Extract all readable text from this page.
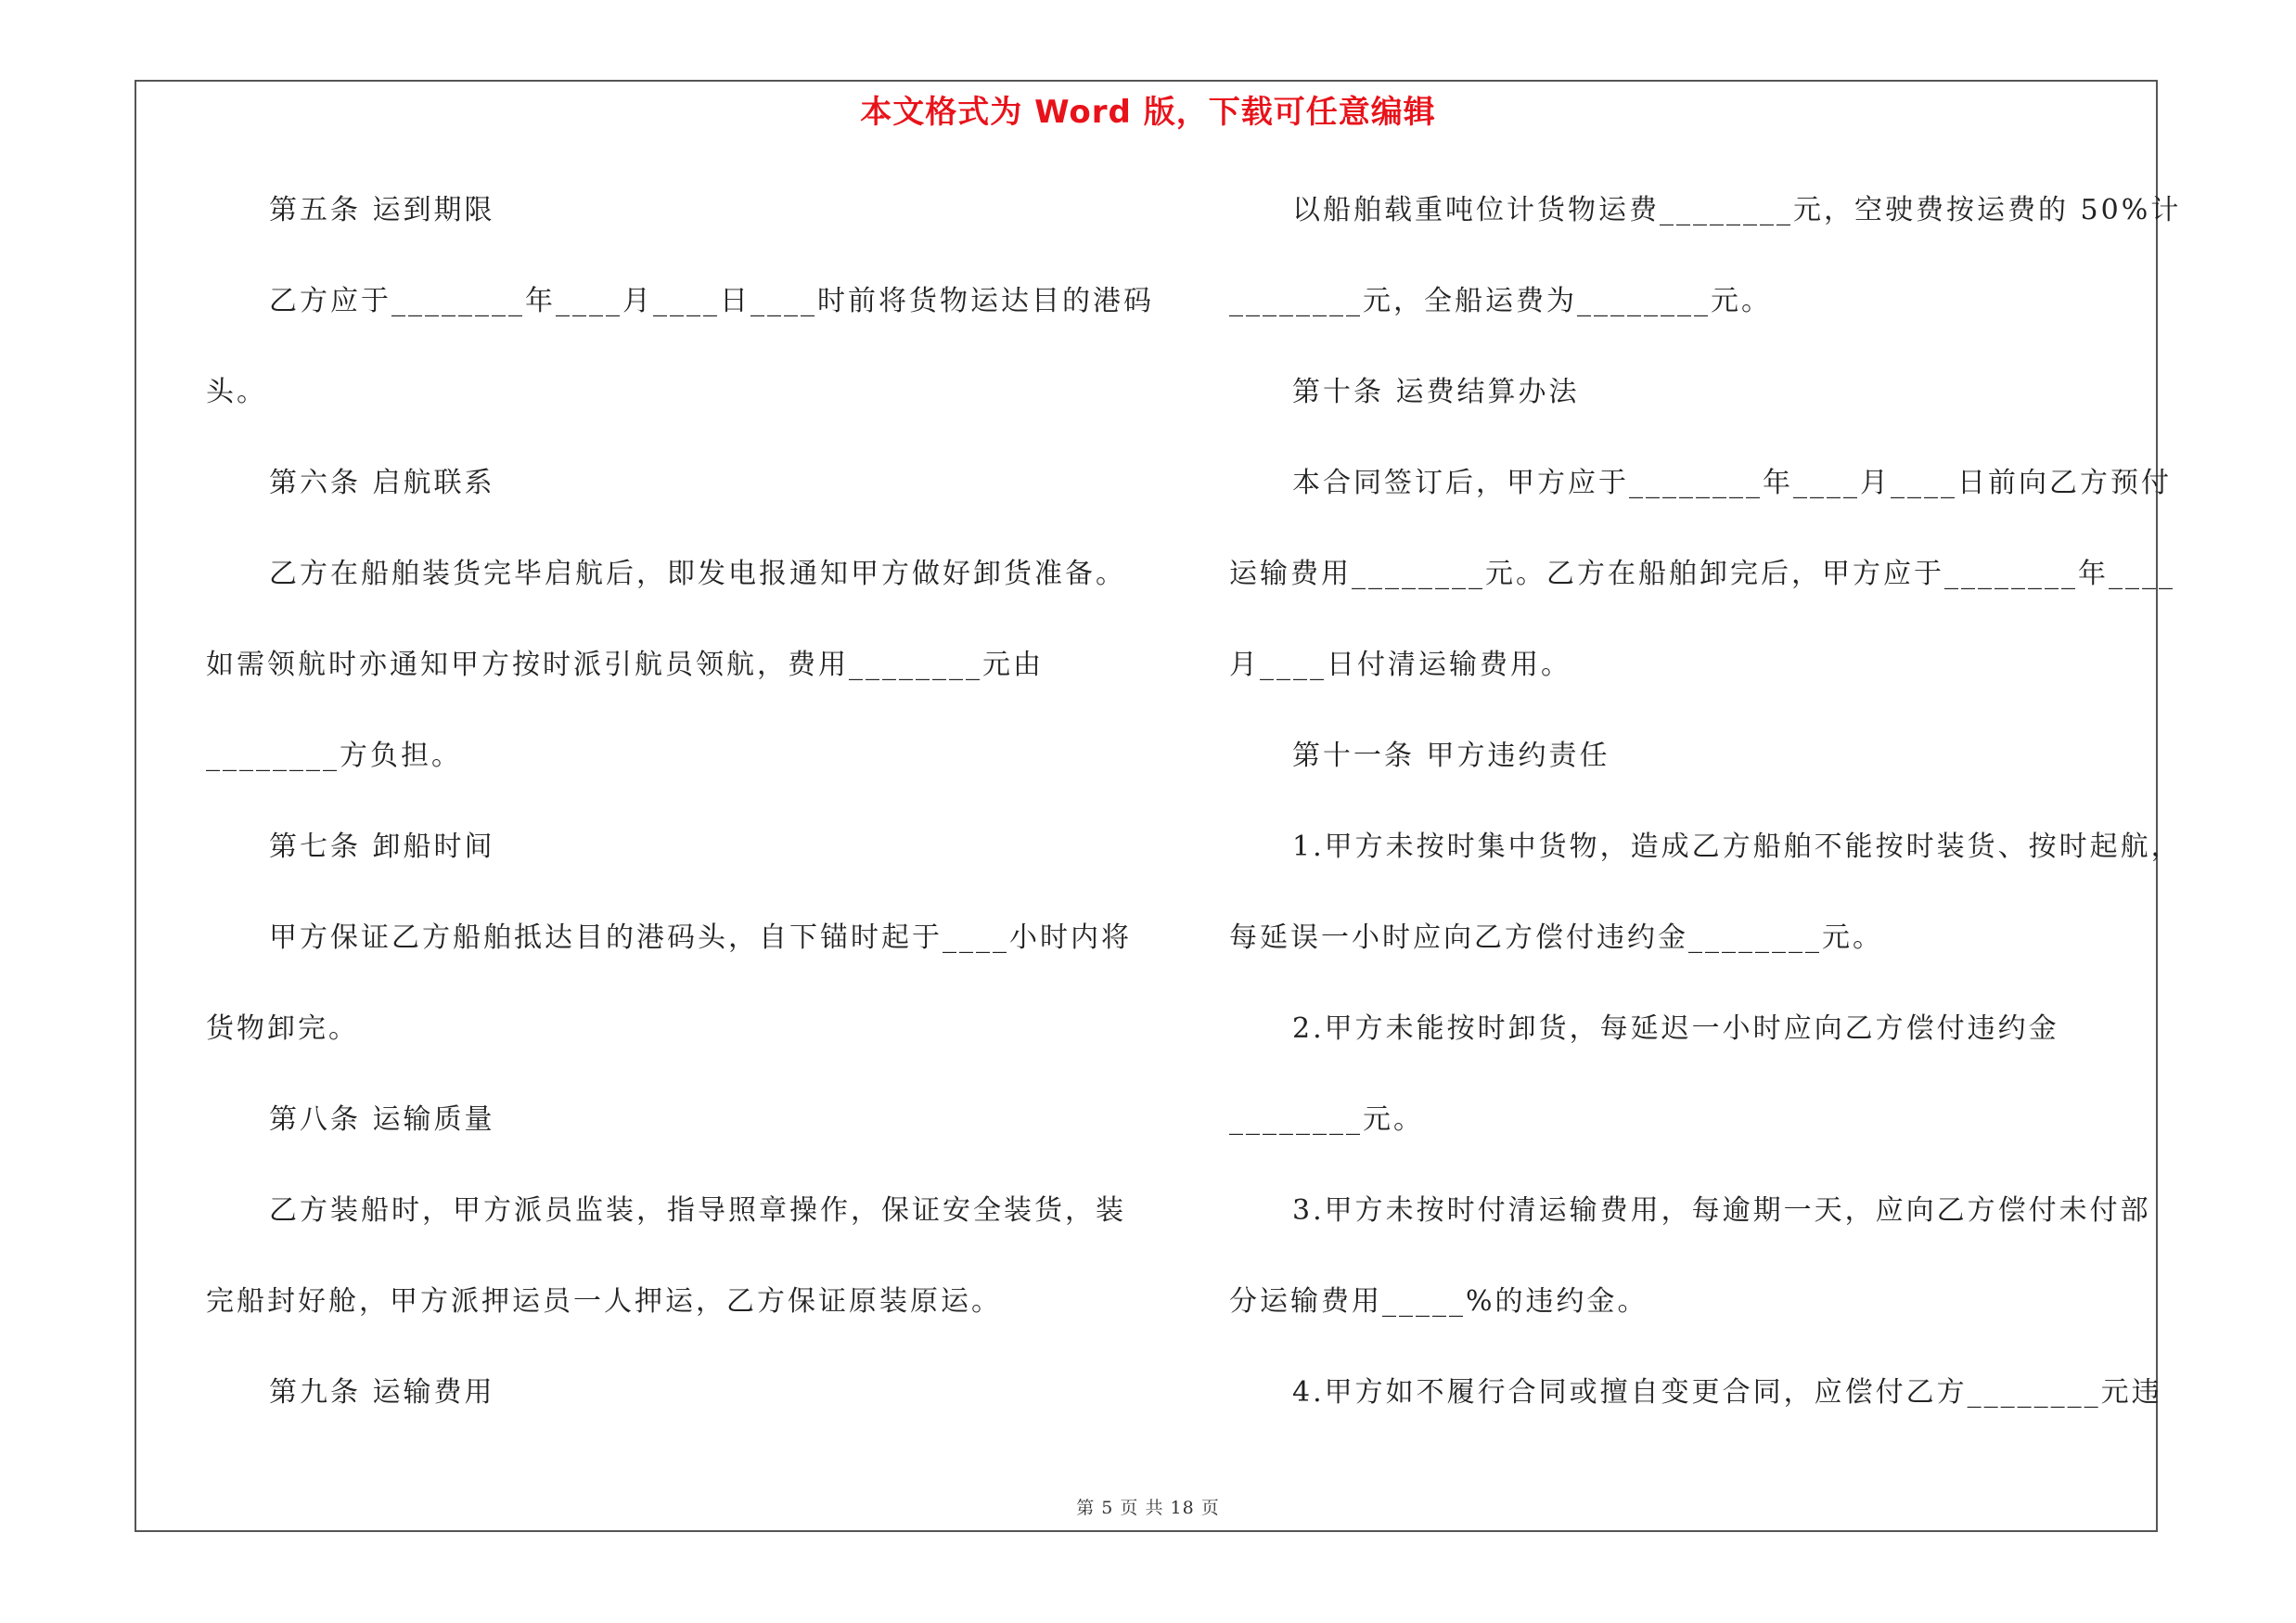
本文格式为 Word 版，下载可任意编辑
第五条 运到期限
乙方应于________年____月____日____时前将货物运达目的港码
头。
第六条 启航联系
乙方在船舶装货完毕启航后，即发电报通知甲方做好卸货准备。
如需领航时亦通知甲方按时派引航员领航，费用________元由
________方负担。
第七条 卸船时间
甲方保证乙方船舶抵达目的港码头，自下锚时起于____小时内将
货物卸完。
第八条 运输质量
乙方装船时，甲方派员监装，指导照章操作，保证安全装货，装
完船封好舱，甲方派押运员一人押运，乙方保证原装原运。
第九条 运输费用
以船舶载重吨位计货物运费________元，空驶费按运费的 50%计
________元，全船运费为________元。
第十条 运费结算办法
本合同签订后，甲方应于________年____月____日前向乙方预付
运输费用________元。乙方在船舶卸完后，甲方应于________年____
月____日付清运输费用。
第十一条 甲方违约责任
1.甲方未按时集中货物，造成乙方船舶不能按时装货、按时起航，
每延误一小时应向乙方偿付违约金________元。
2.甲方未能按时卸货，每延迟一小时应向乙方偿付违约金
________元。
3.甲方未按时付清运输费用，每逾期一天，应向乙方偿付未付部
分运输费用_____%的违约金。
4.甲方如不履行合同或擅自变更合同，应偿付乙方________元违
第 5 页 共 18 页
